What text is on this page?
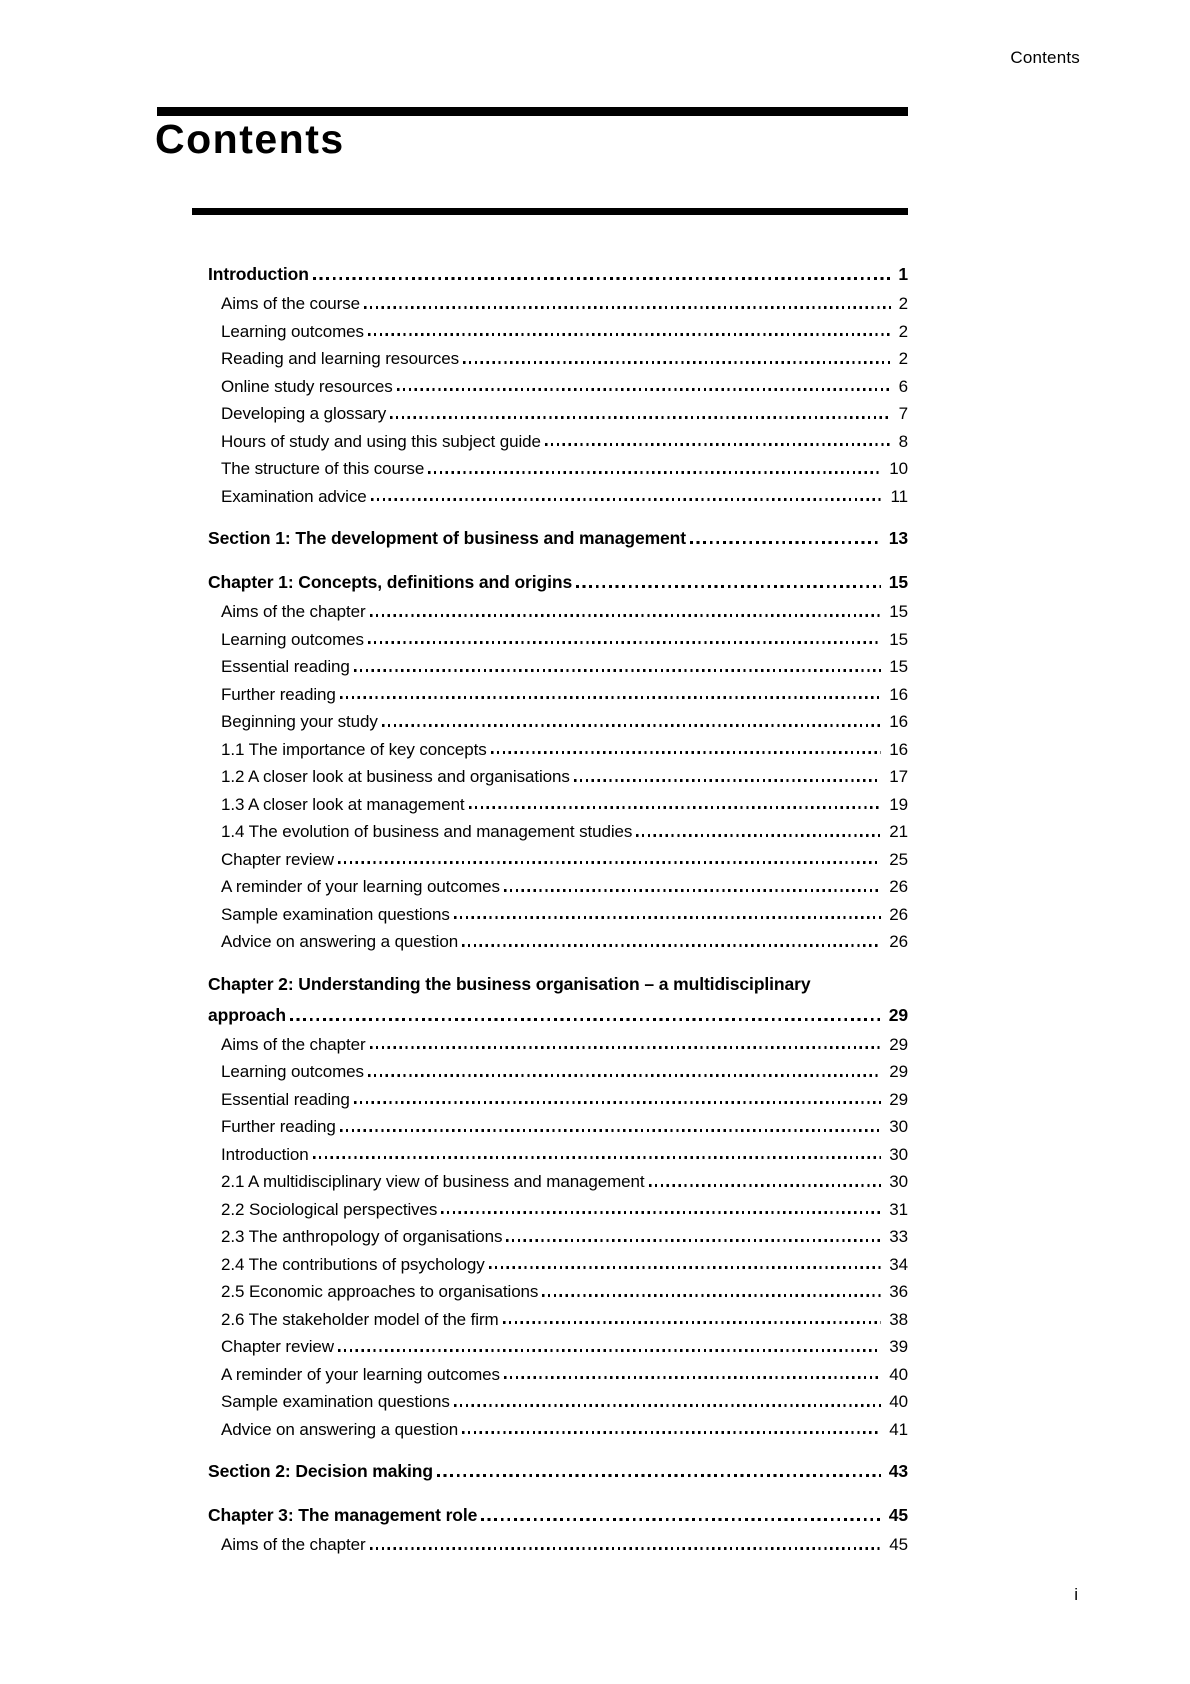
Contents
Contents
Introduction	1
Aims of the course	2
Learning outcomes	2
Reading and learning resources	2
Online study resources	6
Developing a glossary	7
Hours of study and using this subject guide	8
The structure of this course	10
Examination advice	11
Section 1: The development of business and management	13
Chapter 1: Concepts, definitions and origins	15
Aims of the chapter	15
Learning outcomes	15
Essential reading	15
Further reading	16
Beginning your study	16
1.1 The importance of key concepts	16
1.2 A closer look at business and organisations	17
1.3 A closer look at management	19
1.4 The evolution of business and management studies	21
Chapter review	25
A reminder of your learning outcomes	26
Sample examination questions	26
Advice on answering a question	26
Chapter 2: Understanding the business organisation – a multidisciplinary
approach	29
Aims of the chapter	29
Learning outcomes	29
Essential reading	29
Further reading	30
Introduction	30
2.1 A multidisciplinary view of business and management	30
2.2 Sociological perspectives	31
2.3 The anthropology of organisations	33
2.4 The contributions of psychology	34
2.5 Economic approaches to organisations	36
2.6 The stakeholder model of the firm	38
Chapter review	39
A reminder of your learning outcomes	40
Sample examination questions	40
Advice on answering a question	41
Section 2: Decision making	43
Chapter 3: The management role	45
Aims of the chapter	45
i
